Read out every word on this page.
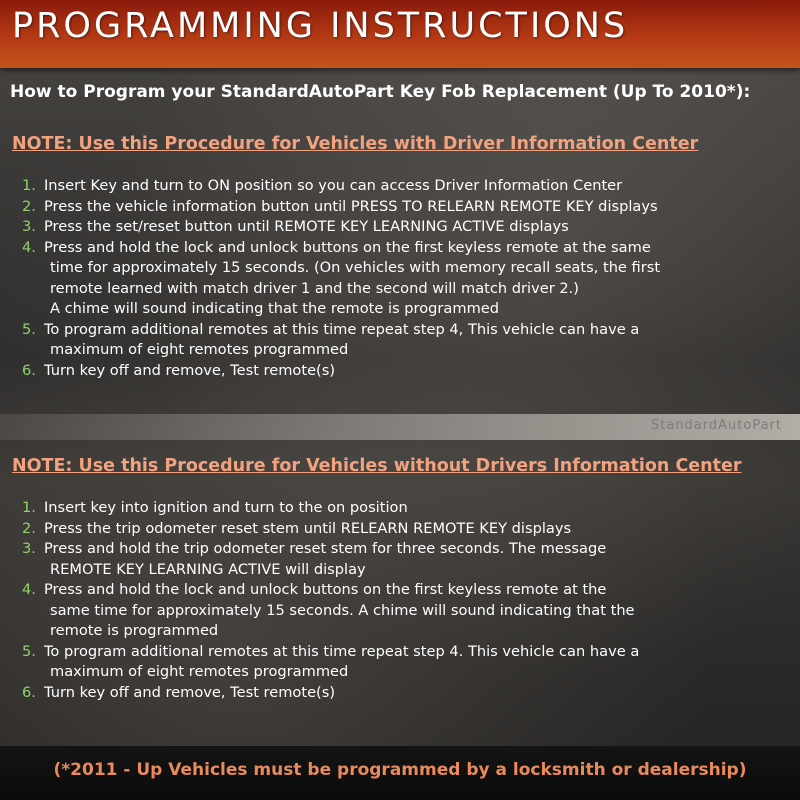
PROGRAMMING INSTRUCTIONS
How to Program your StandardAutoPart Key Fob Replacement (Up To 2010*):
NOTE: Use this Procedure for Vehicles with Driver Information Center
1. Insert Key and turn to ON position so you can access Driver Information Center
2. Press the vehicle information button until PRESS TO RELEARN REMOTE KEY displays
3. Press the set/reset button until REMOTE KEY LEARNING ACTIVE displays
4. Press and hold the lock and unlock buttons on the first keyless remote at the same
time for approximately 15 seconds. (On vehicles with memory recall seats, the first
remote learned with match driver 1 and the second will match driver 2.)
A chime will sound indicating that the remote is programmed
5. To program additional remotes at this time repeat step 4, This vehicle can have a
maximum of eight remotes programmed
6. Turn key off and remove, Test remote(s)
StandardAutoPart
NOTE: Use this Procedure for Vehicles without Drivers Information Center
1. Insert key into ignition and turn to the on position
2. Press the trip odometer reset stem until RELEARN REMOTE KEY displays
3. Press and hold the trip odometer reset stem for three seconds. The message
REMOTE KEY LEARNING ACTIVE will display
4. Press and hold the lock and unlock buttons on the first keyless remote at the
same time for approximately 15 seconds. A chime will sound indicating that the
remote is programmed
5. To program additional remotes at this time repeat step 4. This vehicle can have a
maximum of eight remotes programmed
6. Turn key off and remove, Test remote(s)
(*2011 - Up Vehicles must be programmed by a locksmith or dealership)
